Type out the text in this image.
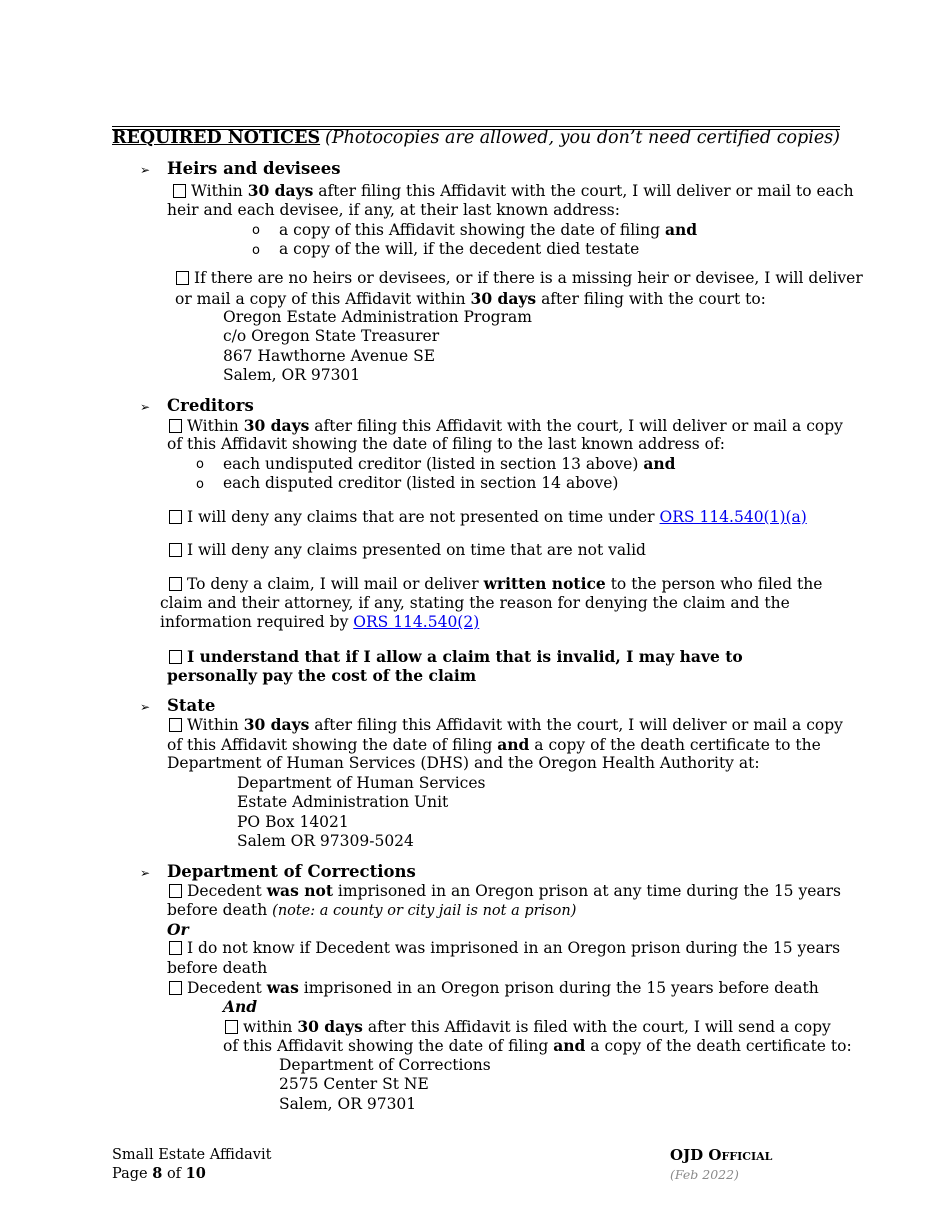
REQUIRED NOTICES (Photocopies are allowed, you don’t need certified copies)
➢ Heirs and devisees
Within 30 days after filing this Affidavit with the court, I will deliver or mail to each
heir and each devisee, if any, at their last known address:
o a copy of this Affidavit showing the date of filing and
o a copy of the will, if the decedent died testate
If there are no heirs or devisees, or if there is a missing heir or devisee, I will deliver
or mail a copy of this Affidavit within 30 days after filing with the court to:
Oregon Estate Administration Program
c/o Oregon State Treasurer
867 Hawthorne Avenue SE
Salem, OR 97301
➢ Creditors
Within 30 days after filing this Affidavit with the court, I will deliver or mail a copy
of this Affidavit showing the date of filing to the last known address of:
o each undisputed creditor (listed in section 13 above) and
o each disputed creditor (listed in section 14 above)
I will deny any claims that are not presented on time under ORS 114.540(1)(a)
I will deny any claims presented on time that are not valid
To deny a claim, I will mail or deliver written notice to the person who filed the
claim and their attorney, if any, stating the reason for denying the claim and the
information required by ORS 114.540(2)
I understand that if I allow a claim that is invalid, I may have to
personally pay the cost of the claim
➢ State
Within 30 days after filing this Affidavit with the court, I will deliver or mail a copy
of this Affidavit showing the date of filing and a copy of the death certificate to the
Department of Human Services (DHS) and the Oregon Health Authority at:
Department of Human Services
Estate Administration Unit
PO Box 14021
Salem OR 97309-5024
➢ Department of Corrections
Decedent was not imprisoned in an Oregon prison at any time during the 15 years
before death (note: a county or city jail is not a prison)
Or
I do not know if Decedent was imprisoned in an Oregon prison during the 15 years
before death
Decedent was imprisoned in an Oregon prison during the 15 years before death
And
within 30 days after this Affidavit is filed with the court, I will send a copy
of this Affidavit showing the date of filing and a copy of the death certificate to:
Department of Corrections
2575 Center St NE
Salem, OR 97301
Small Estate Affidavit
Page 8 of 10
OJD Official
(Feb 2022)
